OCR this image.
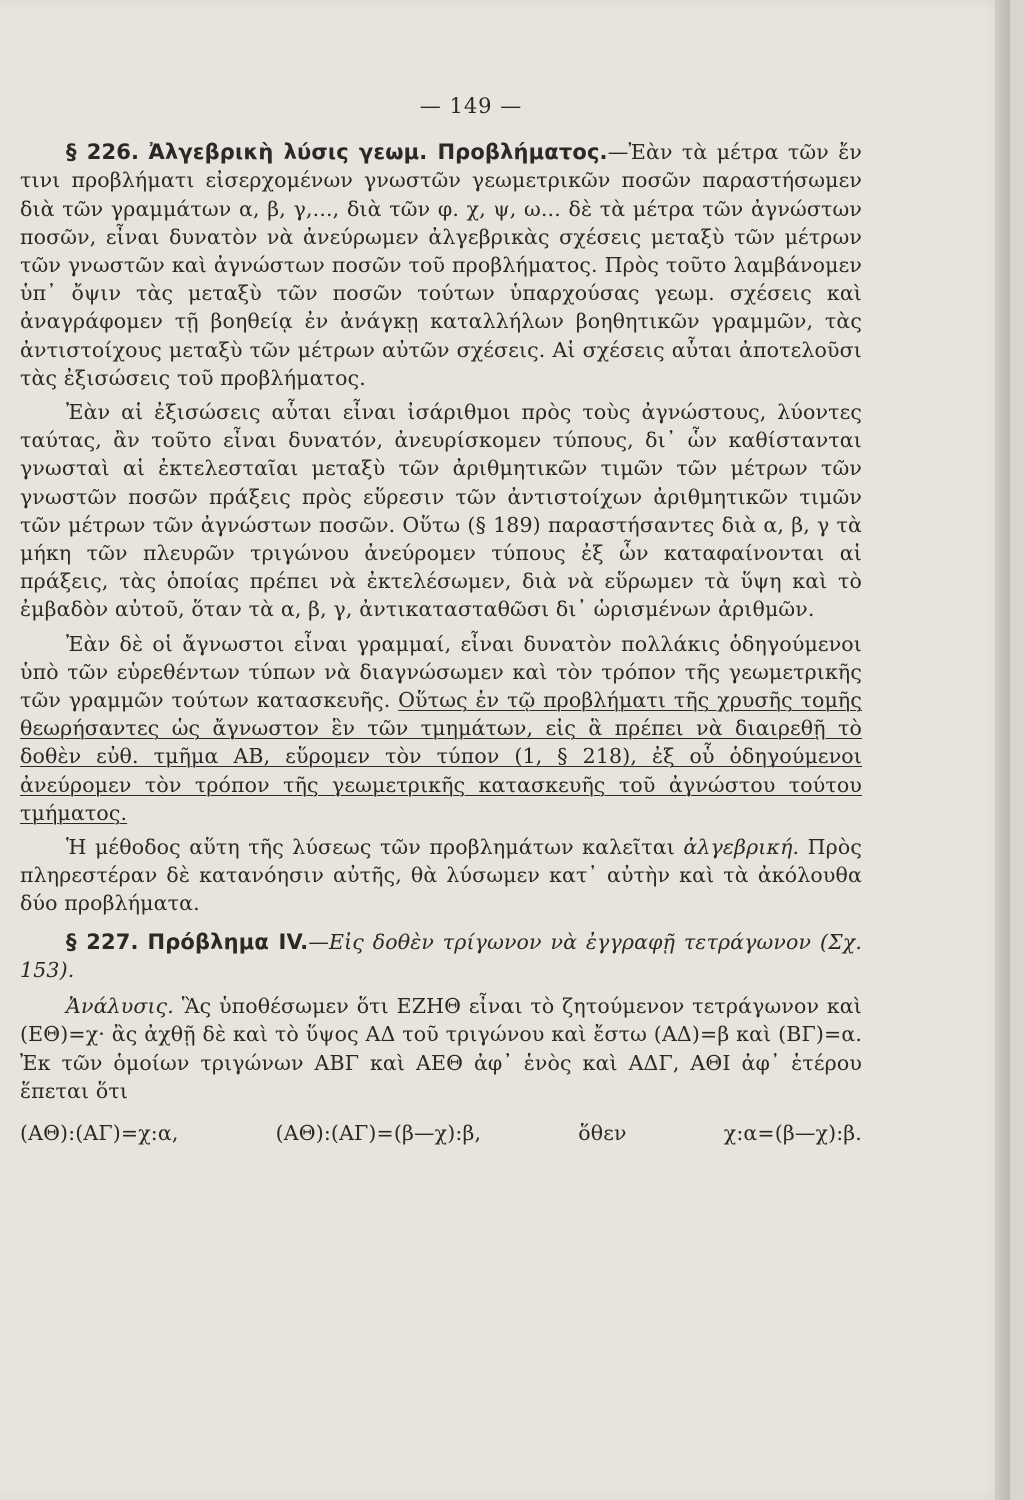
— 149 —

§ 226. Ἀλγεβρικὴ λύσις γεωμ. Προβλήματος.—Ἐὰν τὰ μέτρα τῶν ἔν τινι προβλήματι εἰσερχομένων γνωστῶν γεωμετρικῶν ποσῶν παραστήσωμεν διὰ τῶν γραμμάτων α, β, γ,..., διὰ τῶν φ. χ, ψ, ω... δὲ τὰ μέτρα τῶν ἀγνώστων ποσῶν, εἶναι δυνατὸν νὰ ἀνεύρωμεν ἀλγεβρικὰς σχέσεις μεταξὺ τῶν μέτρων τῶν γνωστῶν καὶ ἀγνώστων ποσῶν τοῦ προβλήματος. Πρὸς τοῦτο λαμβάνομεν ὑπ᾿ ὄψιν τὰς μεταξὺ τῶν ποσῶν τούτων ὑπαρχούσας γεωμ. σχέσεις καὶ ἀναγράφομεν τῇ βοηθείᾳ ἐν ἀνάγκῃ καταλλήλων βοηθητικῶν γραμμῶν, τὰς ἀντιστοίχους μεταξὺ τῶν μέτρων αὐτῶν σχέσεις. Αἱ σχέσεις αὗται ἀποτελοῦσι τὰς ἐξισώσεις τοῦ προβλήματος.

Ἐὰν αἱ ἐξισώσεις αὗται εἶναι ἰσάριθμοι πρὸς τοὺς ἀγνώστους, λύοντες ταύτας, ἂν τοῦτο εἶναι δυνατόν, ἀνευρίσκομεν τύπους, δι᾿ ὧν καθίστανται γνωσταὶ αἱ ἐκτελεσταῖαι μεταξὺ τῶν ἀριθμητικῶν τιμῶν τῶν μέτρων τῶν γνωστῶν ποσῶν πράξεις πρὸς εὕρεσιν τῶν ἀντιστοίχων ἀριθμητικῶν τιμῶν τῶν μέτρων τῶν ἀγνώστων ποσῶν. Οὕτω (§ 189) παραστήσαντες διὰ α, β, γ τὰ μήκη τῶν πλευρῶν τριγώνου ἀνεύρομεν τύπους ἐξ ὧν καταφαίνονται αἱ πράξεις, τὰς ὁποίας πρέπει νὰ ἐκτελέσωμεν, διὰ νὰ εὕρωμεν τὰ ὕψη καὶ τὸ ἐμβαδὸν αὐτοῦ, ὅταν τὰ α, β, γ, ἀντικατασταθῶσι δι᾿ ὡρισμένων ἀριθμῶν.

Ἐὰν δὲ οἱ ἄγνωστοι εἶναι γραμμαί, εἶναι δυνατὸν πολλάκις ὁδηγούμενοι ὑπὸ τῶν εὑρεθέντων τύπων νὰ διαγνώσωμεν καὶ τὸν τρόπον τῆς γεωμετρικῆς τῶν γραμμῶν τούτων κατασκευῆς. Οὕτως ἐν τῷ προβλήματι τῆς χρυσῆς τομῆς θεωρήσαντες ὡς ἄγνωστον ἓν τῶν τμημάτων, εἰς ἃ πρέπει νὰ διαιρεθῇ τὸ δοθὲν εὐθ. τμῆμα ΑΒ, εὕρομεν τὸν τύπον (1, § 218), ἐξ οὗ ὁδηγούμενοι ἀνεύρομεν τὸν τρόπον τῆς γεωμετρικῆς κατασκευῆς τοῦ ἀγνώστου τούτου τμήματος.

Ἡ μέθοδος αὕτη τῆς λύσεως τῶν προβλημάτων καλεῖται ἀλγεβρική. Πρὸς πληρεστέραν δὲ κατανόησιν αὐτῆς, θὰ λύσωμεν κατ᾿ αὐτὴν καὶ τὰ ἀκόλουθα δύο προβλήματα.

§ 227. Πρόβλημα IV.—Εἰς δοθὲν τρίγωνον νὰ ἐγγραφῇ τετράγωνον (Σχ. 153).

Ἀνάλυσις. Ἃς ὑποθέσωμεν ὅτι ΕΖΗΘ εἶναι τὸ ζητούμενον τετράγωνον καὶ (ΕΘ)=χ· ἂς ἀχθῇ δὲ καὶ τὸ ὕψος ΑΔ τοῦ τριγώνου καὶ ἔστω (ΑΔ)=β καὶ (ΒΓ)=α. Ἐκ τῶν ὁμοίων τριγώνων ΑΒΓ καὶ ΑΕΘ ἀφ᾿ ἑνὸς καὶ ΑΔΓ, ΑΘΙ ἀφ᾿ ἑτέρου ἕπεται ὅτι

(ΑΘ):(ΑΓ)=χ:α,	(ΑΘ):(ΑΓ)=(β—χ):β,	ὅθεν	χ:α=(β—χ):β.
